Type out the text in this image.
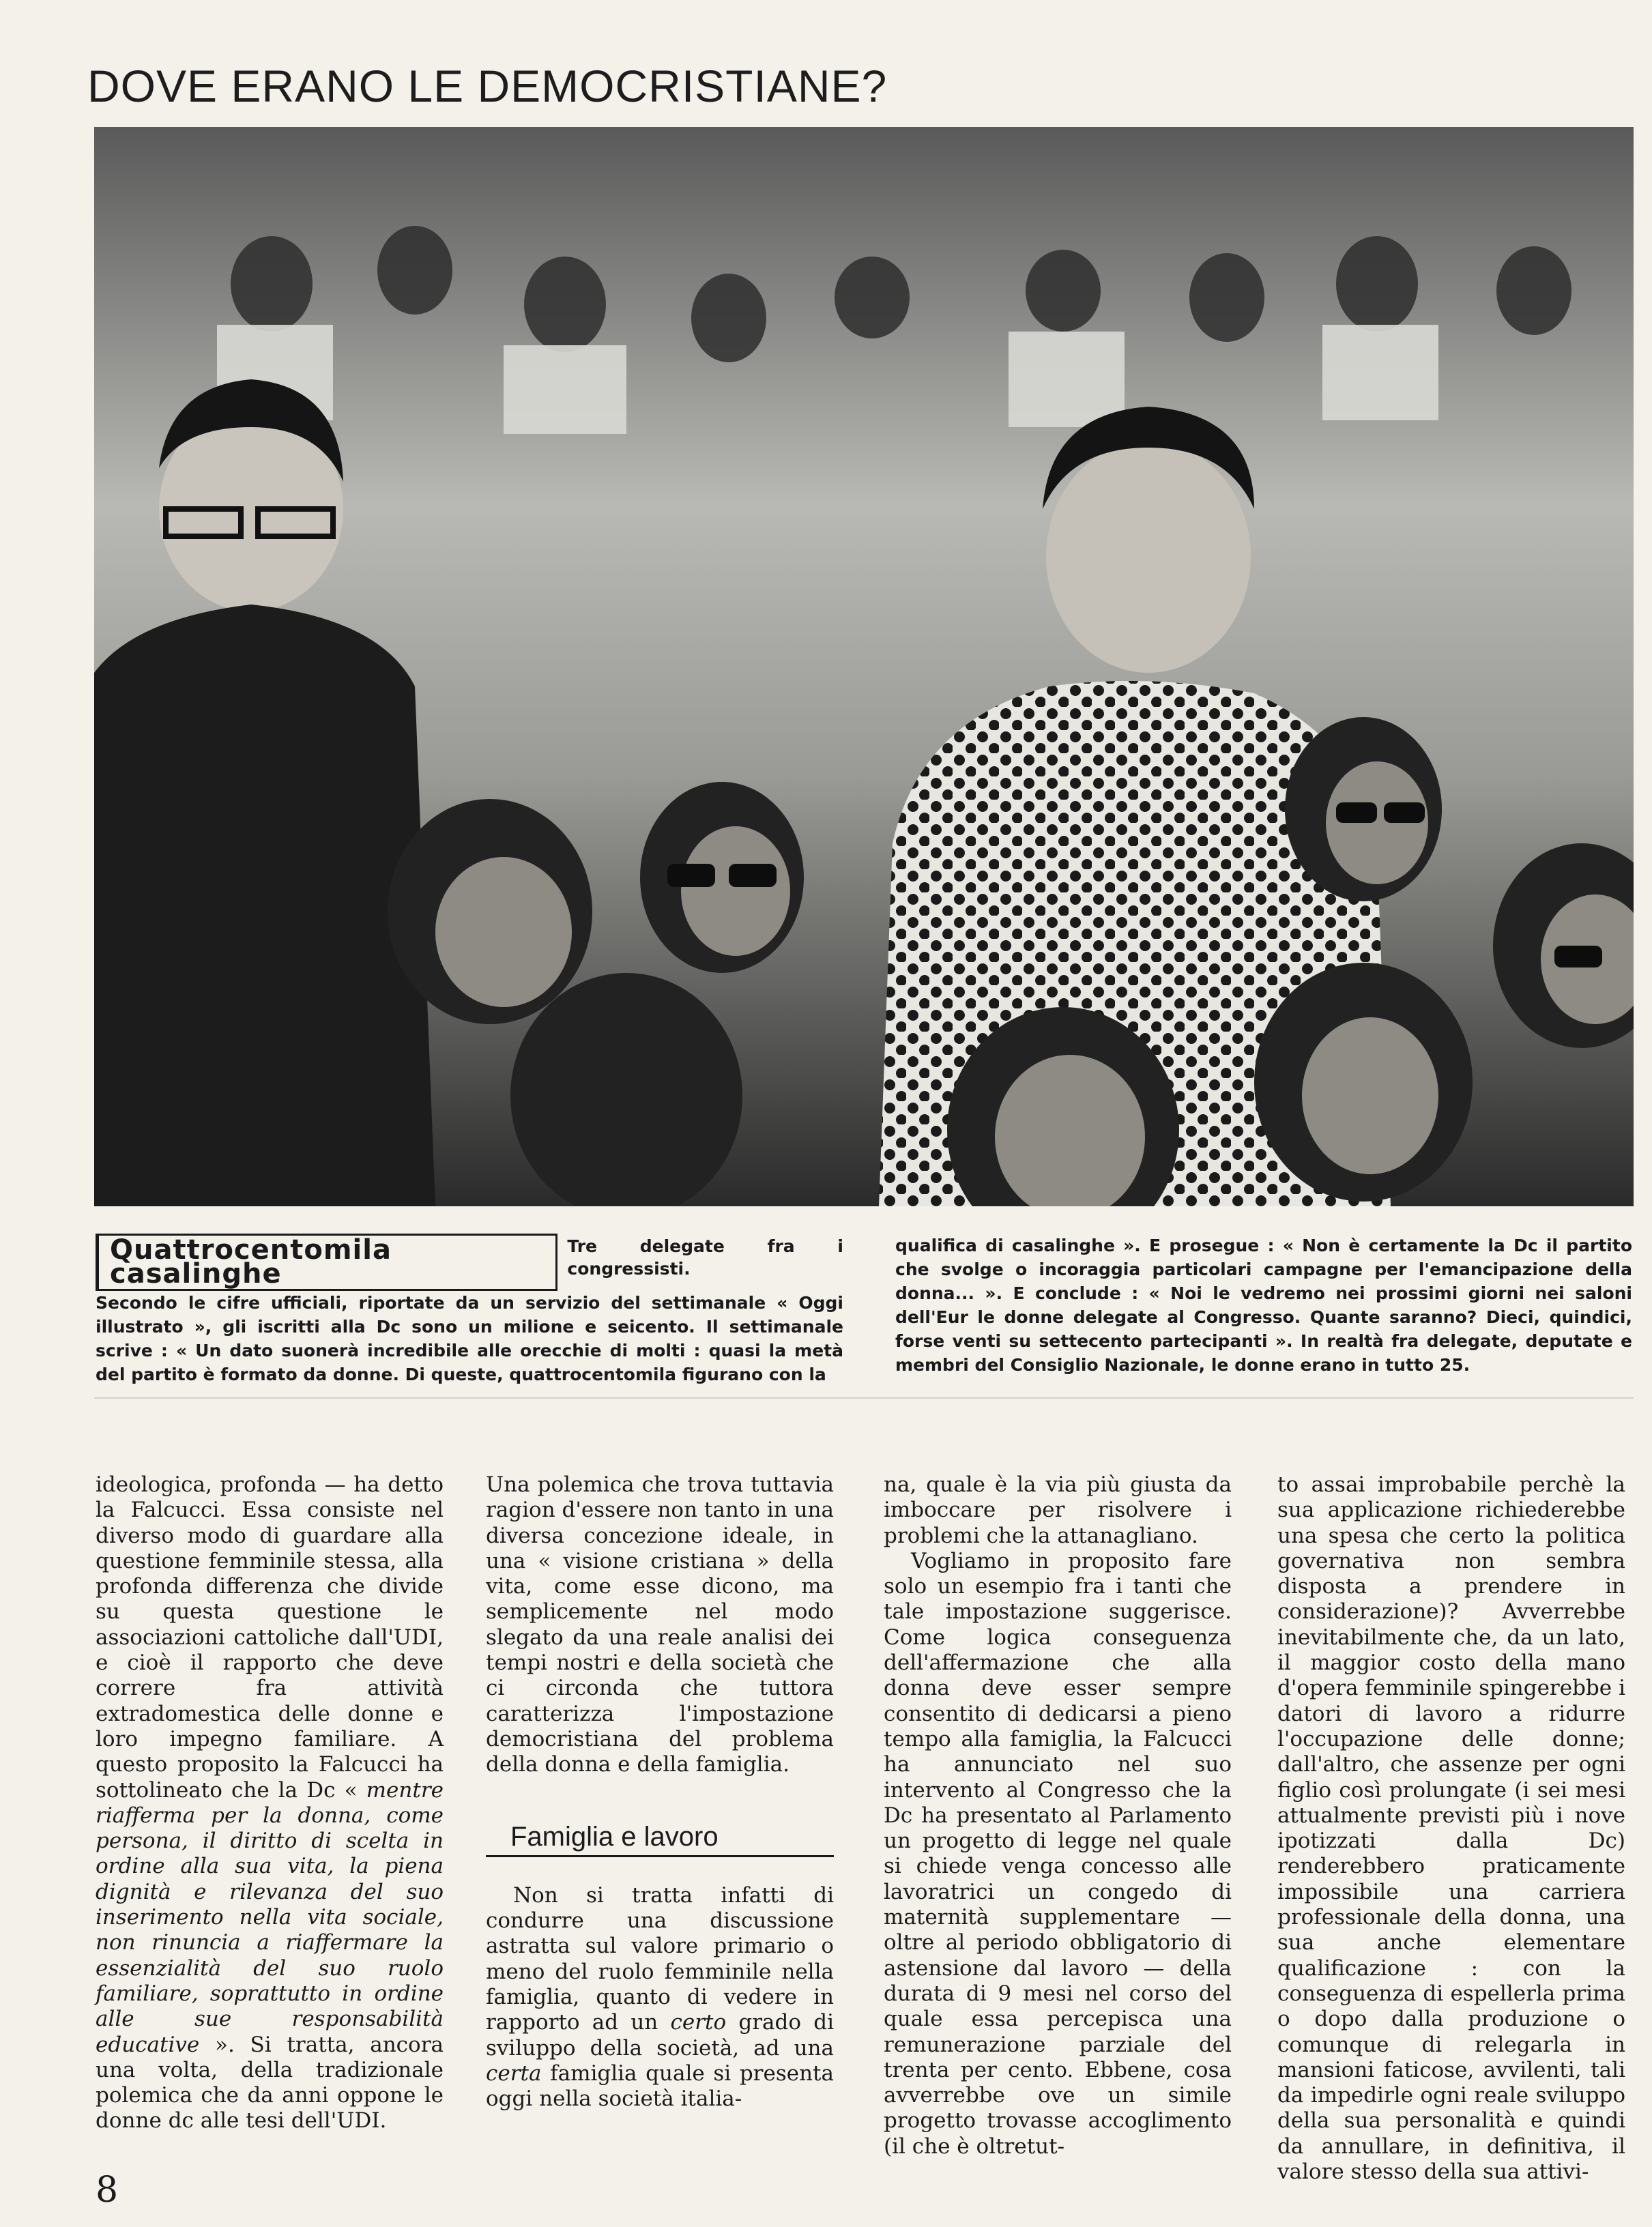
DOVE ERANO LE DEMOCRISTIANE?
Quattrocentomila casalinghe
Tre delegate fra i congressisti.
Secondo le cifre ufficiali, riportate da un servizio del settimanale « Oggi illustrato », gli iscritti alla Dc sono un milione e seicento. Il settimanale scrive : « Un dato suonerà incredibile alle orecchie di molti : quasi la metà del partito è formato da donne. Di queste, quattrocentomila figurano con la
qualifica di casalinghe ». E prosegue : « Non è certamente la Dc il partito che svolge o incoraggia particolari campagne per l'emancipazione della donna... ». E conclude : « Noi le vedremo nei prossimi giorni nei saloni dell'Eur le donne delegate al Congresso. Quante saranno? Dieci, quindici, forse venti su settecento partecipanti ». In realtà fra delegate, deputate e membri del Consiglio Nazionale, le donne erano in tutto 25.

ideologica, profonda — ha detto la Falcucci. Essa consiste nel diverso modo di guardare alla questione femminile stessa, alla profonda differenza che divide su questa questione le associazioni cattoliche dall'UDI, e cioè il rapporto che deve correre fra attività extradomestica delle donne e loro impegno familiare. A questo proposito la Falcucci ha sottolineato che la Dc « mentre riafferma per la donna, come persona, il diritto di scelta in ordine alla sua vita, la piena dignità e rilevanza del suo inserimento nella vita sociale, non rinuncia a riaffermare la essenzialità del suo ruolo familiare, soprattutto in ordine alle sue responsabilità educative ». Si tratta, ancora una volta, della tradizionale polemica che da anni oppone le donne dc alle tesi dell'UDI.

Una polemica che trova tuttavia ragion d'essere non tanto in una diversa concezione ideale, in una « visione cristiana » della vita, come esse dicono, ma semplicemente nel modo slegato da una reale analisi dei tempi nostri e della società che ci circonda che tuttora caratterizza l'impostazione democristiana del problema della donna e della famiglia.

Famiglia e lavoro

Non si tratta infatti di condurre una discussione astratta sul valore primario o meno del ruolo femminile nella famiglia, quanto di vedere in rapporto ad un certo grado di sviluppo della società, ad una certa famiglia quale si presenta oggi nella società italia-

na, quale è la via più giusta da imboccare per risolvere i problemi che la attanagliano.

Vogliamo in proposito fare solo un esempio fra i tanti che tale impostazione suggerisce. Come logica conseguenza dell'affermazione che alla donna deve esser sempre consentito di dedicarsi a pieno tempo alla famiglia, la Falcucci ha annunciato nel suo intervento al Congresso che la Dc ha presentato al Parlamento un progetto di legge nel quale si chiede venga concesso alle lavoratrici un congedo di maternità supplementare — oltre al periodo obbligatorio di astensione dal lavoro — della durata di 9 mesi nel corso del quale essa percepisca una remunerazione parziale del trenta per cento. Ebbene, cosa avverrebbe ove un simile progetto trovasse accoglimento (il che è oltretut-

to assai improbabile perchè la sua applicazione richiederebbe una spesa che certo la politica governativa non sembra disposta a prendere in considerazione)? Avverrebbe inevitabilmente che, da un lato, il maggior costo della mano d'opera femminile spingerebbe i datori di lavoro a ridurre l'occupazione delle donne; dall'altro, che assenze per ogni figlio così prolungate (i sei mesi attualmente previsti più i nove ipotizzati dalla Dc) renderebbero praticamente impossibile una carriera professionale della donna, una sua anche elementare qualificazione : con la conseguenza di espellerla prima o dopo dalla produzione o comunque di relegarla in mansioni faticose, avvilenti, tali da impedirle ogni reale sviluppo della sua personalità e quindi da annullare, in definitiva, il valore stesso della sua attivi-

8
